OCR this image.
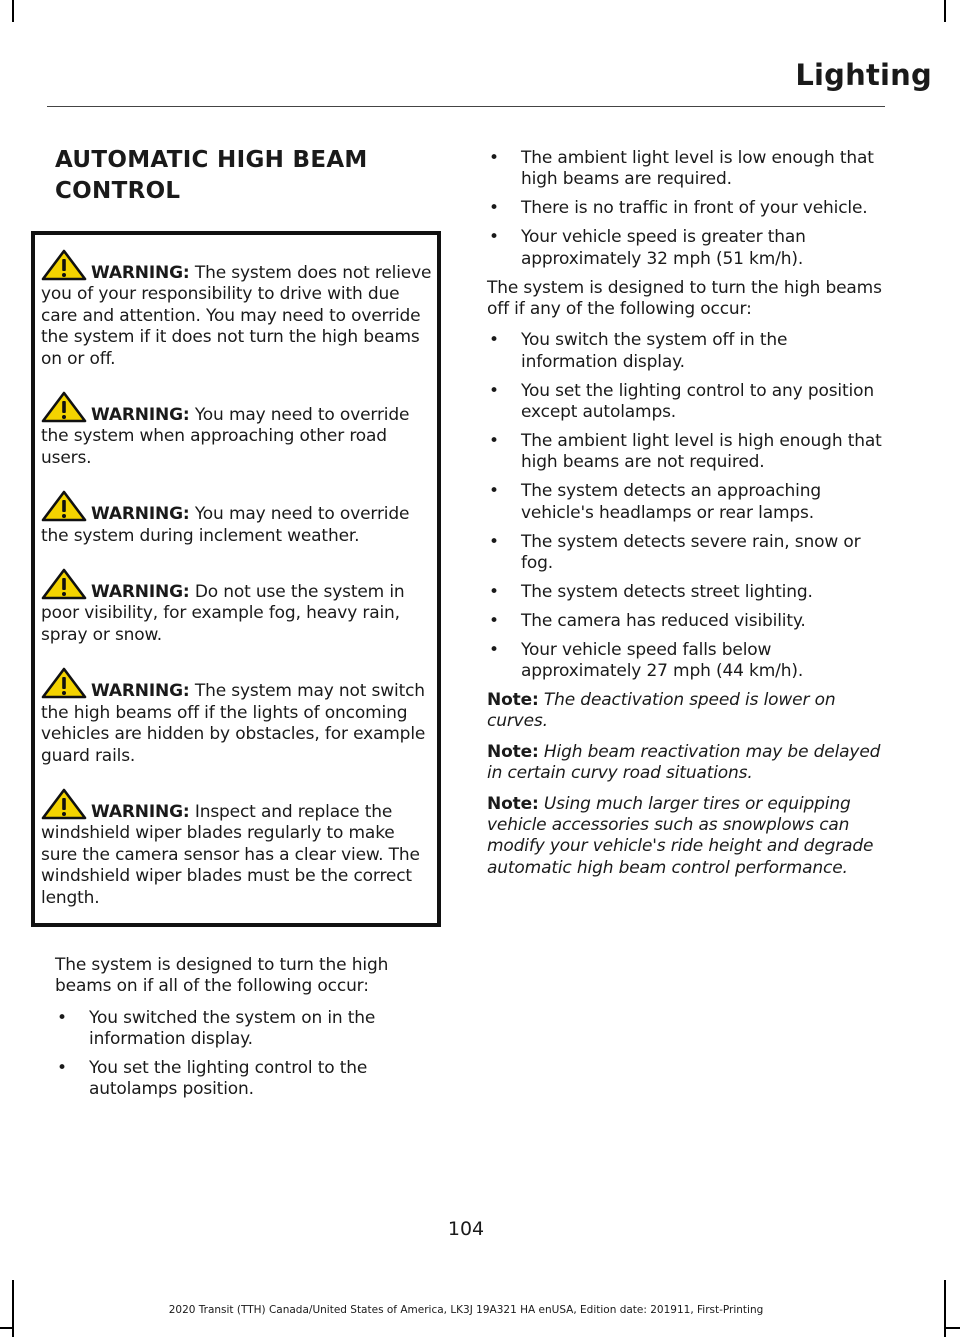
Lighting
AUTOMATIC HIGH BEAM
CONTROL
WARNING: The system does not relieve you of your responsibility to drive with due care and attention. You may need to override the system if it does not turn the high beams on or off.
WARNING: You may need to override the system when approaching other road users.
WARNING: You may need to override the system during inclement weather.
WARNING: Do not use the system in poor visibility, for example fog, heavy rain, spray or snow.
WARNING: The system may not switch the high beams off if the lights of oncoming vehicles are hidden by obstacles, for example guard rails.
WARNING: Inspect and replace the windshield wiper blades regularly to make sure the camera sensor has a clear view. The windshield wiper blades must be the correct length.

The system is designed to turn the high beams on if all of the following occur:

• You switched the system on in the information display.
• You set the lighting control to the autolamps position.
• The ambient light level is low enough that high beams are required.
• There is no traffic in front of your vehicle.
• Your vehicle speed is greater than approximately 32 mph (51 km/h).

The system is designed to turn the high beams off if any of the following occur:

• You switch the system off in the information display.
• You set the lighting control to any position except autolamps.
• The ambient light level is high enough that high beams are not required.
• The system detects an approaching vehicle's headlamps or rear lamps.
• The system detects severe rain, snow or fog.
• The system detects street lighting.
• The camera has reduced visibility.
• Your vehicle speed falls below approximately 27 mph (44 km/h).

Note: The deactivation speed is lower on curves.

Note: High beam reactivation may be delayed in certain curvy road situations.

Note: Using much larger tires or equipping vehicle accessories such as snowplows can modify your vehicle's ride height and degrade automatic high beam control performance.

104
2020 Transit (TTH) Canada/United States of America, LK3J 19A321 HA enUSA, Edition date: 201911, First-Printing
